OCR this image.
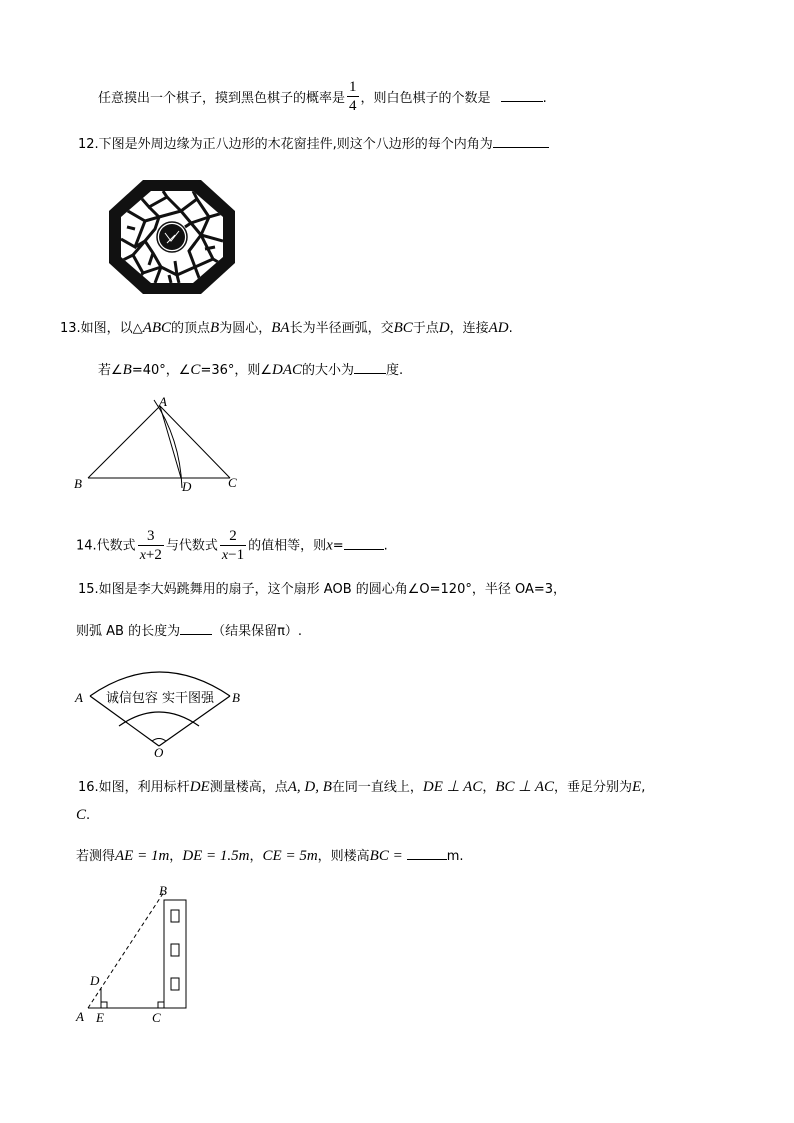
任意摸出一个棋子，摸到黑色棋子的概率是 $\frac{1}{4}$ ，则白色棋子的个数是	.
12.下图是外周边缘为正八边形的木花窗挂件,则这个八边形的每个内角为
13.如图，以△ABC的顶点B为圆心，BA长为半径画弧，交BC于点D，连接AD.
若∠B=40°，∠C=36°，则∠DAC的大小为 度.
A
B	C
D
14.代数式 $\frac{3}{x+2}$ 与代数式 $\frac{2}{x-1}$ 的值相等，则x=	.
15.如图是李大妈跳舞用的扇子，这个扇形 AOB 的圆心角∠O=120°，半径 OA=3，
则弧 AB 的长度为 （结果保留π）.
诚信包容 实干图强
A	B
O
16.如图，利用标杆DE测量楼高，点A, D, B在同一直线上，DE ⊥ AC，BC ⊥ AC，垂足分别为E,
C.
若测得AE = 1m，DE = 1.5m，CE = 5m，则楼高BC =	m.
B
D
A E	C
